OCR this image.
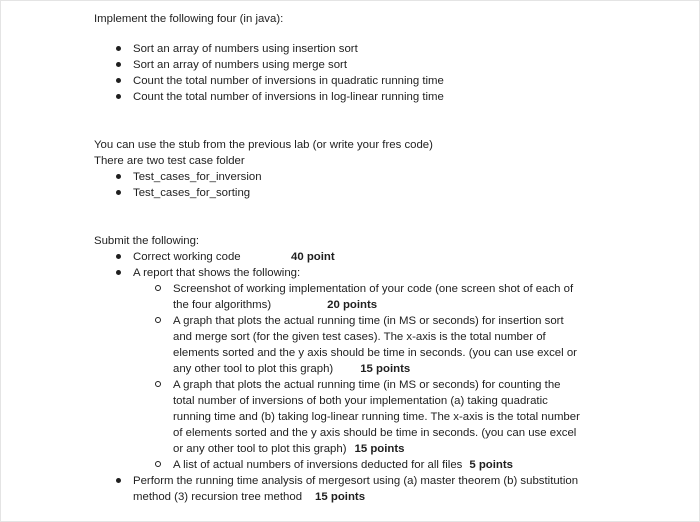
Implement the following four (in java):
Sort an array of numbers using insertion sort
Sort an array of numbers using merge sort
Count the total number of inversions in quadratic running time
Count the total number of inversions in log-linear running time
You can use the stub from the previous lab (or write your fres code)
There are two test case folder
Test_cases_for_inversion
Test_cases_for_sorting
Submit the following:
Correct working code	40 point
A report that shows the following:
Screenshot of working implementation of your code (one screen shot of each of
the four algorithms)	20 points
A graph that plots the actual running time (in MS or seconds) for insertion sort
and merge sort (for the given test cases). The x-axis is the total number of
elements sorted and the y axis should be time in seconds. (you can use excel or
any other tool to plot this graph) 15 points
A graph that plots the actual running time (in MS or seconds) for counting the
total number of inversions of both your implementation (a) taking quadratic
running time and (b) taking log-linear running time. The x-axis is the total number
of elements sorted and the y axis should be time in seconds. (you can use excel
or any other tool to plot this graph) 15 points
A list of actual numbers of inversions deducted for all files 5 points
Perform the running time analysis of mergesort using (a) master theorem (b) substitution
method (3) recursion tree method 15 points
